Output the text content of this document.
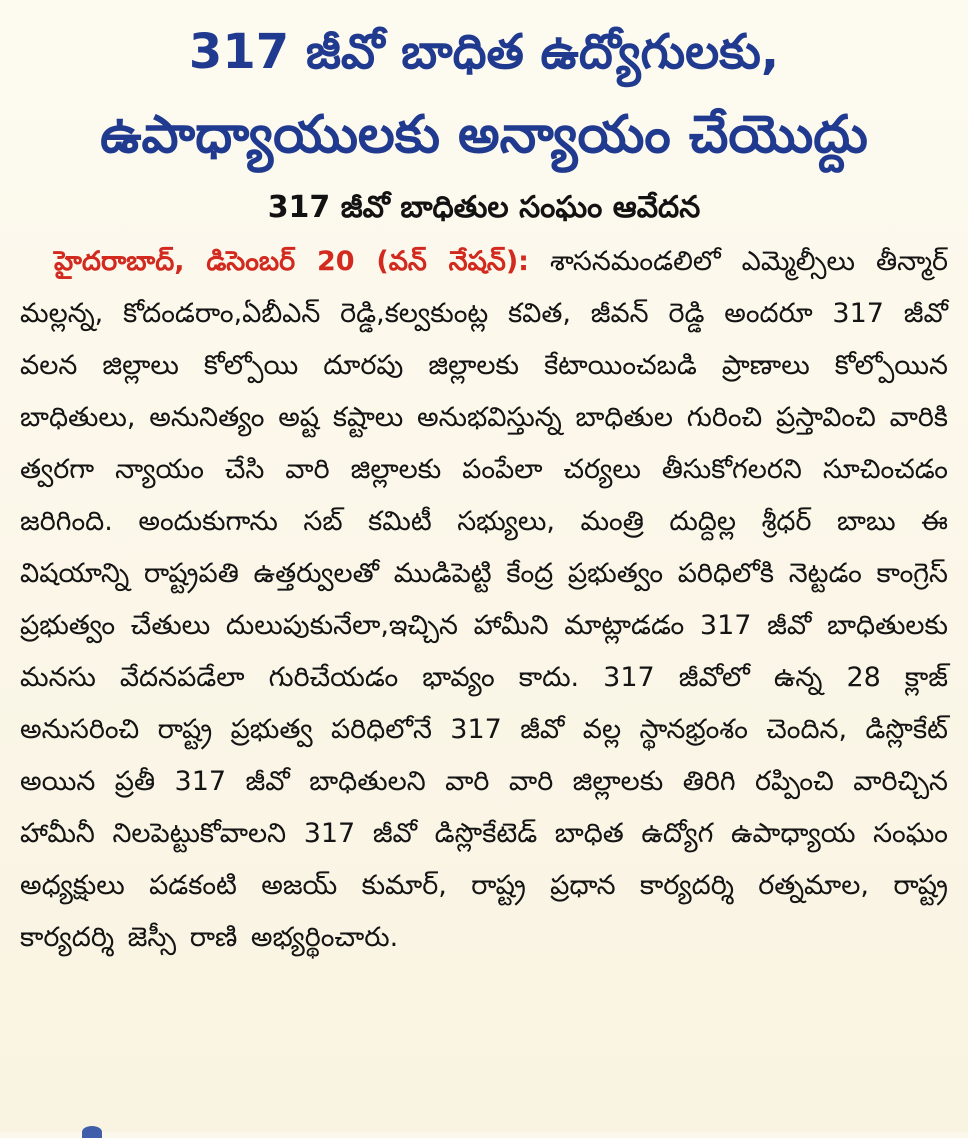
317 జీవో బాధిత ఉద్యోగులకు,
ఉపాధ్యాయులకు అన్యాయం చేయొద్దు
317 జీవో బాధితుల సంఘం ఆవేదన

హైదరాబాద్, డిసెంబర్ 20 (వన్ నేషన్): శాసనమండలిలో ఎమ్మెల్సీలు తీన్మార్ మల్లన్న, కోదండరాం,ఏబీఎన్ రెడ్డి,కల్వకుంట్ల కవిత, జీవన్ రెడ్డి అందరూ 317 జీవో వలన జిల్లాలు కోల్పోయి దూరపు జిల్లాలకు కేటాయించబడి ప్రాణాలు కోల్పోయిన బాధితులు, అనునిత్యం అష్ట కష్టాలు అనుభవిస్తున్న బాధితుల గురించి ప్రస్తావించి వారికి త్వరగా న్యాయం చేసి వారి జిల్లాలకు పంపేలా చర్యలు తీసుకోగలరని సూచించడం జరిగింది. అందుకుగాను సబ్ కమిటీ సభ్యులు, మంత్రి దుద్దిల్ల శ్రీధర్ బాబు ఈ విషయాన్ని రాష్ట్రపతి ఉత్తర్వులతో ముడిపెట్టి కేంద్ర ప్రభుత్వం పరిధిలోకి నెట్టడం కాంగ్రెస్ ప్రభుత్వం చేతులు దులుపుకునేలా,ఇచ్చిన హామీని మాట్లాడడం 317 జీవో బాధితులకు మనసు వేదనపడేలా గురిచేయడం భావ్యం కాదు. 317 జీవోలో ఉన్న 28 క్లాజ్ అనుసరించి రాష్ట్ర ప్రభుత్వ పరిధిలోనే 317 జీవో వల్ల స్థానభ్రంశం చెందిన, డిస్లొకేట్ అయిన ప్రతీ 317 జీవో బాధితులని వారి వారి జిల్లాలకు తిరిగి రప్పించి వారిచ్చిన హామీనీ నిలపెట్టుకోవాలని 317 జీవో డిస్లొకేటెడ్ బాధిత ఉద్యోగ ఉపాధ్యాయ సంఘం అధ్యక్షులు పడకంటి అజయ్ కుమార్, రాష్ట్ర ప్రధాన కార్యదర్శి రత్నమాల, రాష్ట్ర కార్యదర్శి జెస్సీ రాణి అభ్యర్థించారు.
